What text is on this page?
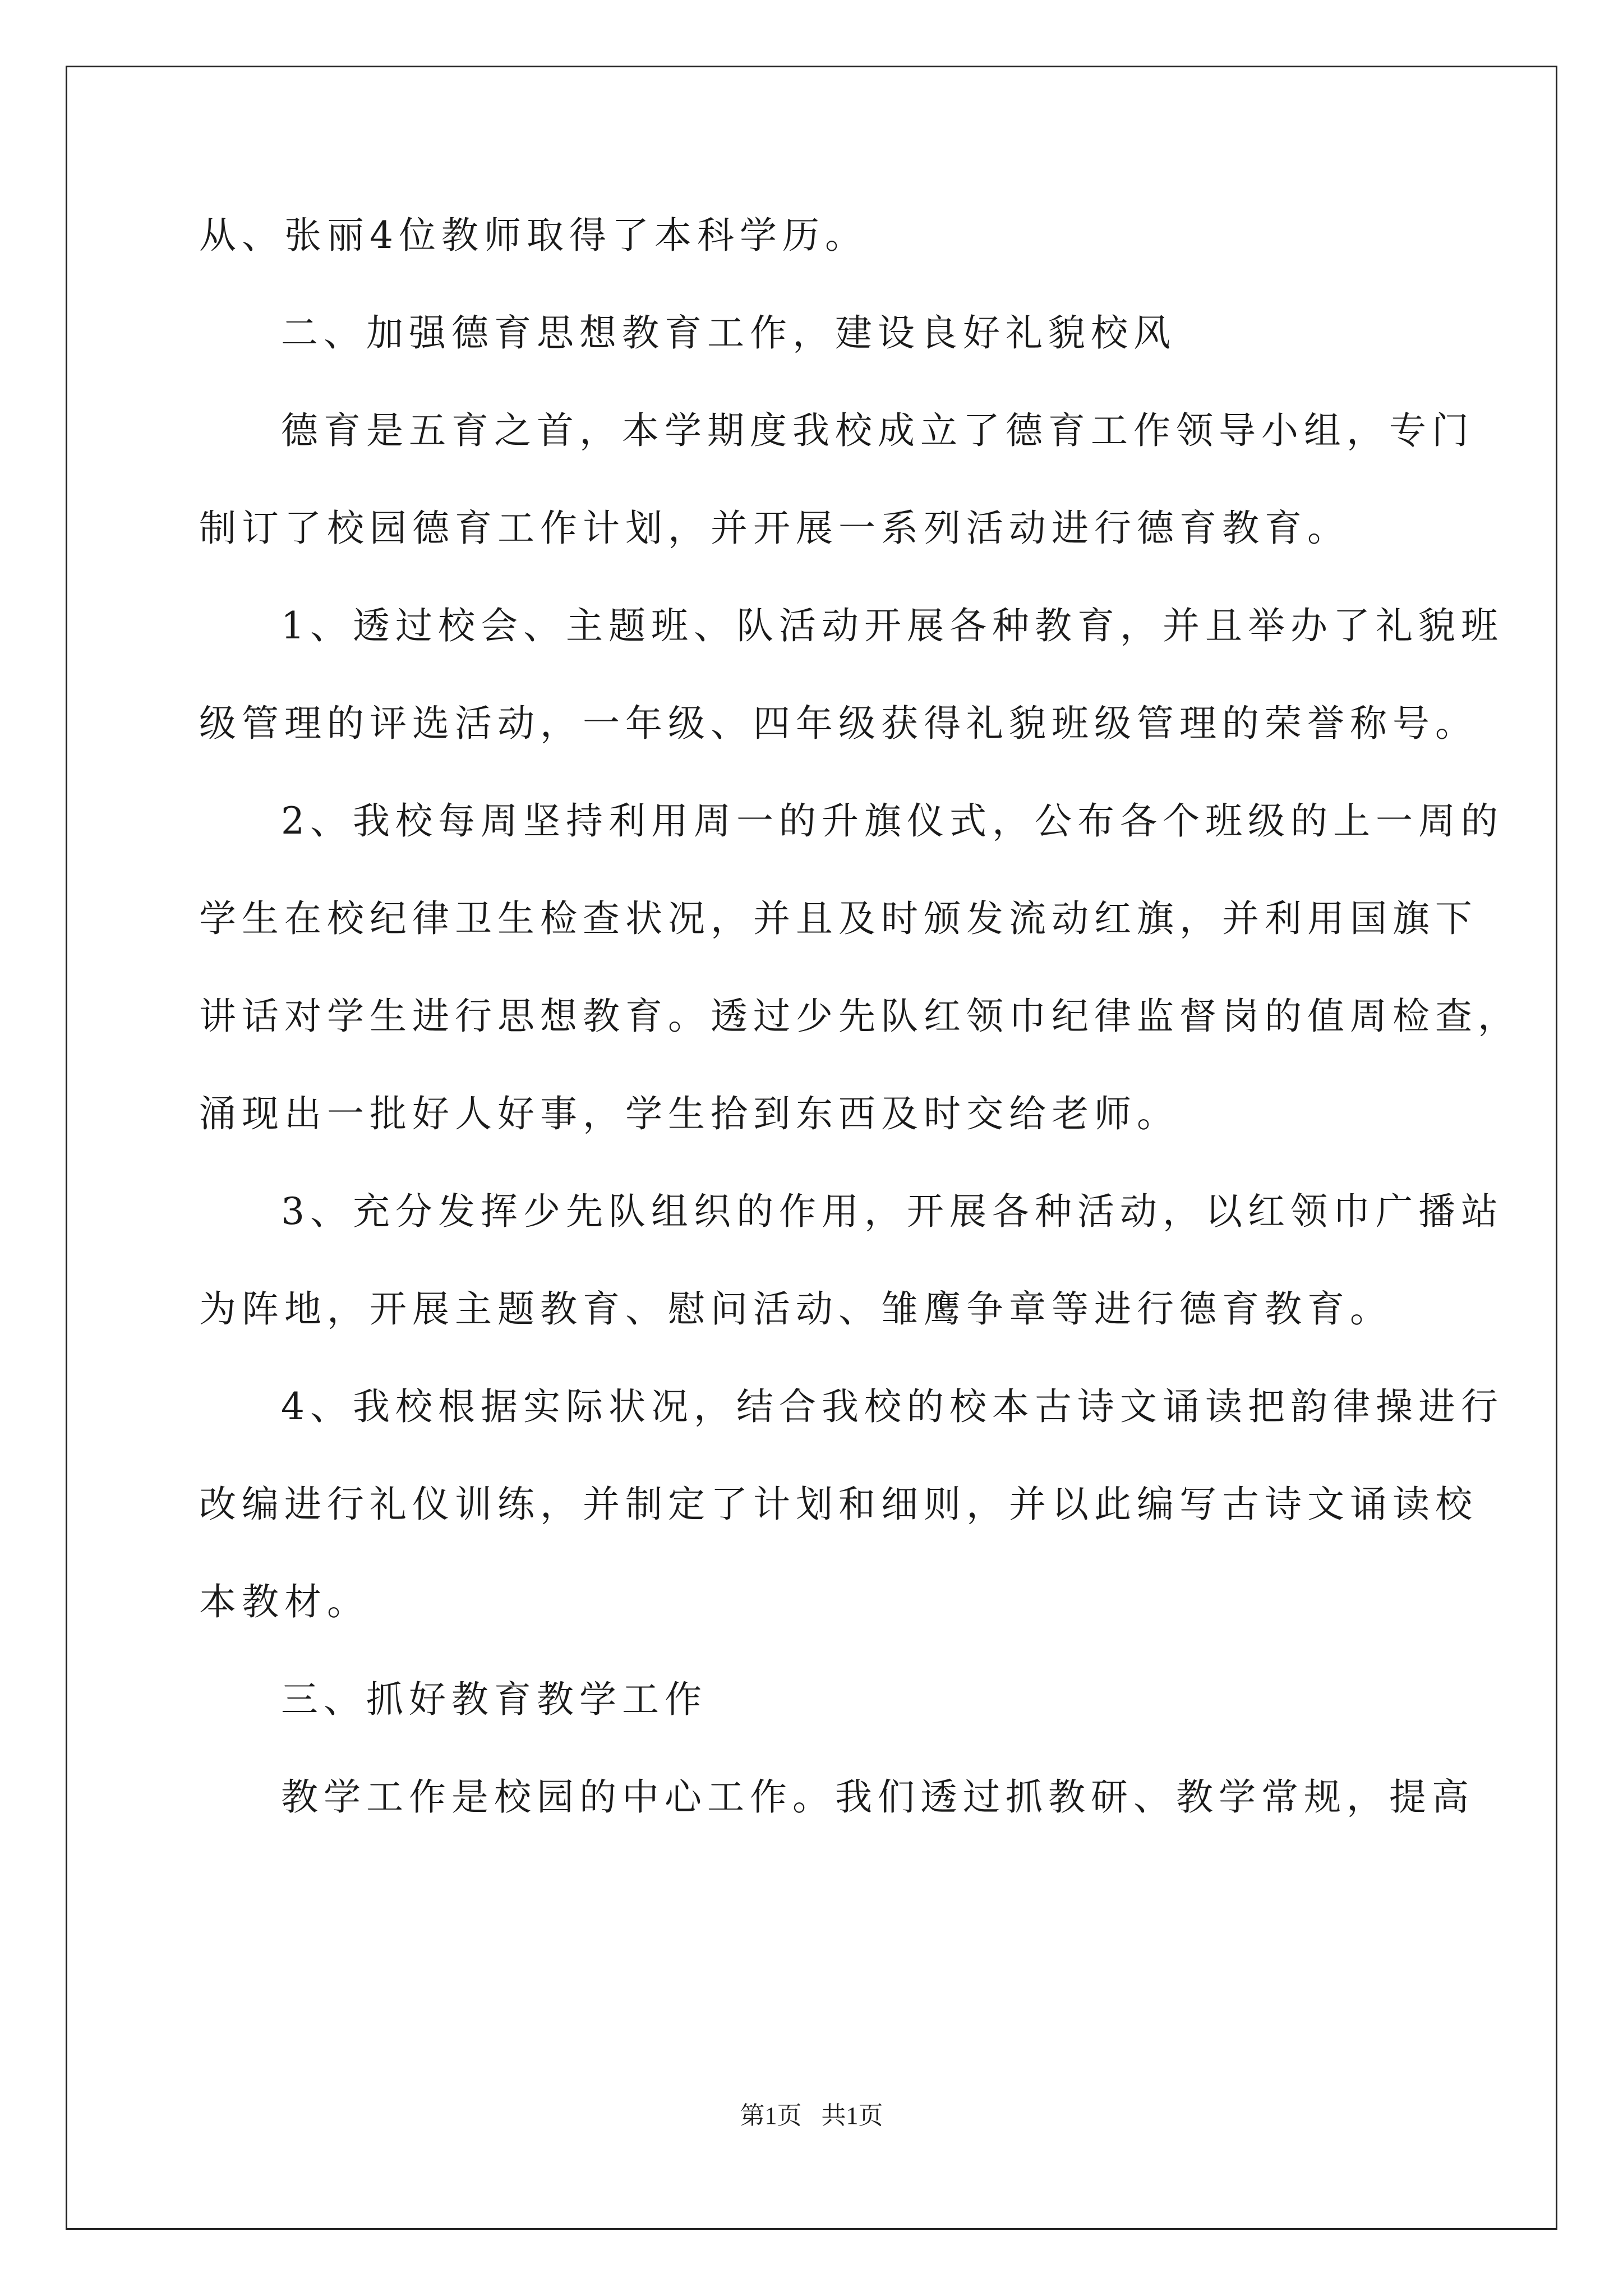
从、张丽4位教师取得了本科学历。
二、加强德育思想教育工作，建设良好礼貌校风
德育是五育之首，本学期度我校成立了德育工作领导小组，专门
制订了校园德育工作计划，并开展一系列活动进行德育教育。
1、透过校会、主题班、队活动开展各种教育，并且举办了礼貌班
级管理的评选活动，一年级、四年级获得礼貌班级管理的荣誉称号。
2、我校每周坚持利用周一的升旗仪式，公布各个班级的上一周的
学生在校纪律卫生检查状况，并且及时颁发流动红旗，并利用国旗下
讲话对学生进行思想教育。透过少先队红领巾纪律监督岗的值周检查，
涌现出一批好人好事，学生拾到东西及时交给老师。
3、充分发挥少先队组织的作用，开展各种活动，以红领巾广播站
为阵地，开展主题教育、慰问活动、雏鹰争章等进行德育教育。
4、我校根据实际状况，结合我校的校本古诗文诵读把韵律操进行
改编进行礼仪训练，并制定了计划和细则，并以此编写古诗文诵读校
本教材。
三、抓好教育教学工作
教学工作是校园的中心工作。我们透过抓教研、教学常规，提高
第1页 共1页
